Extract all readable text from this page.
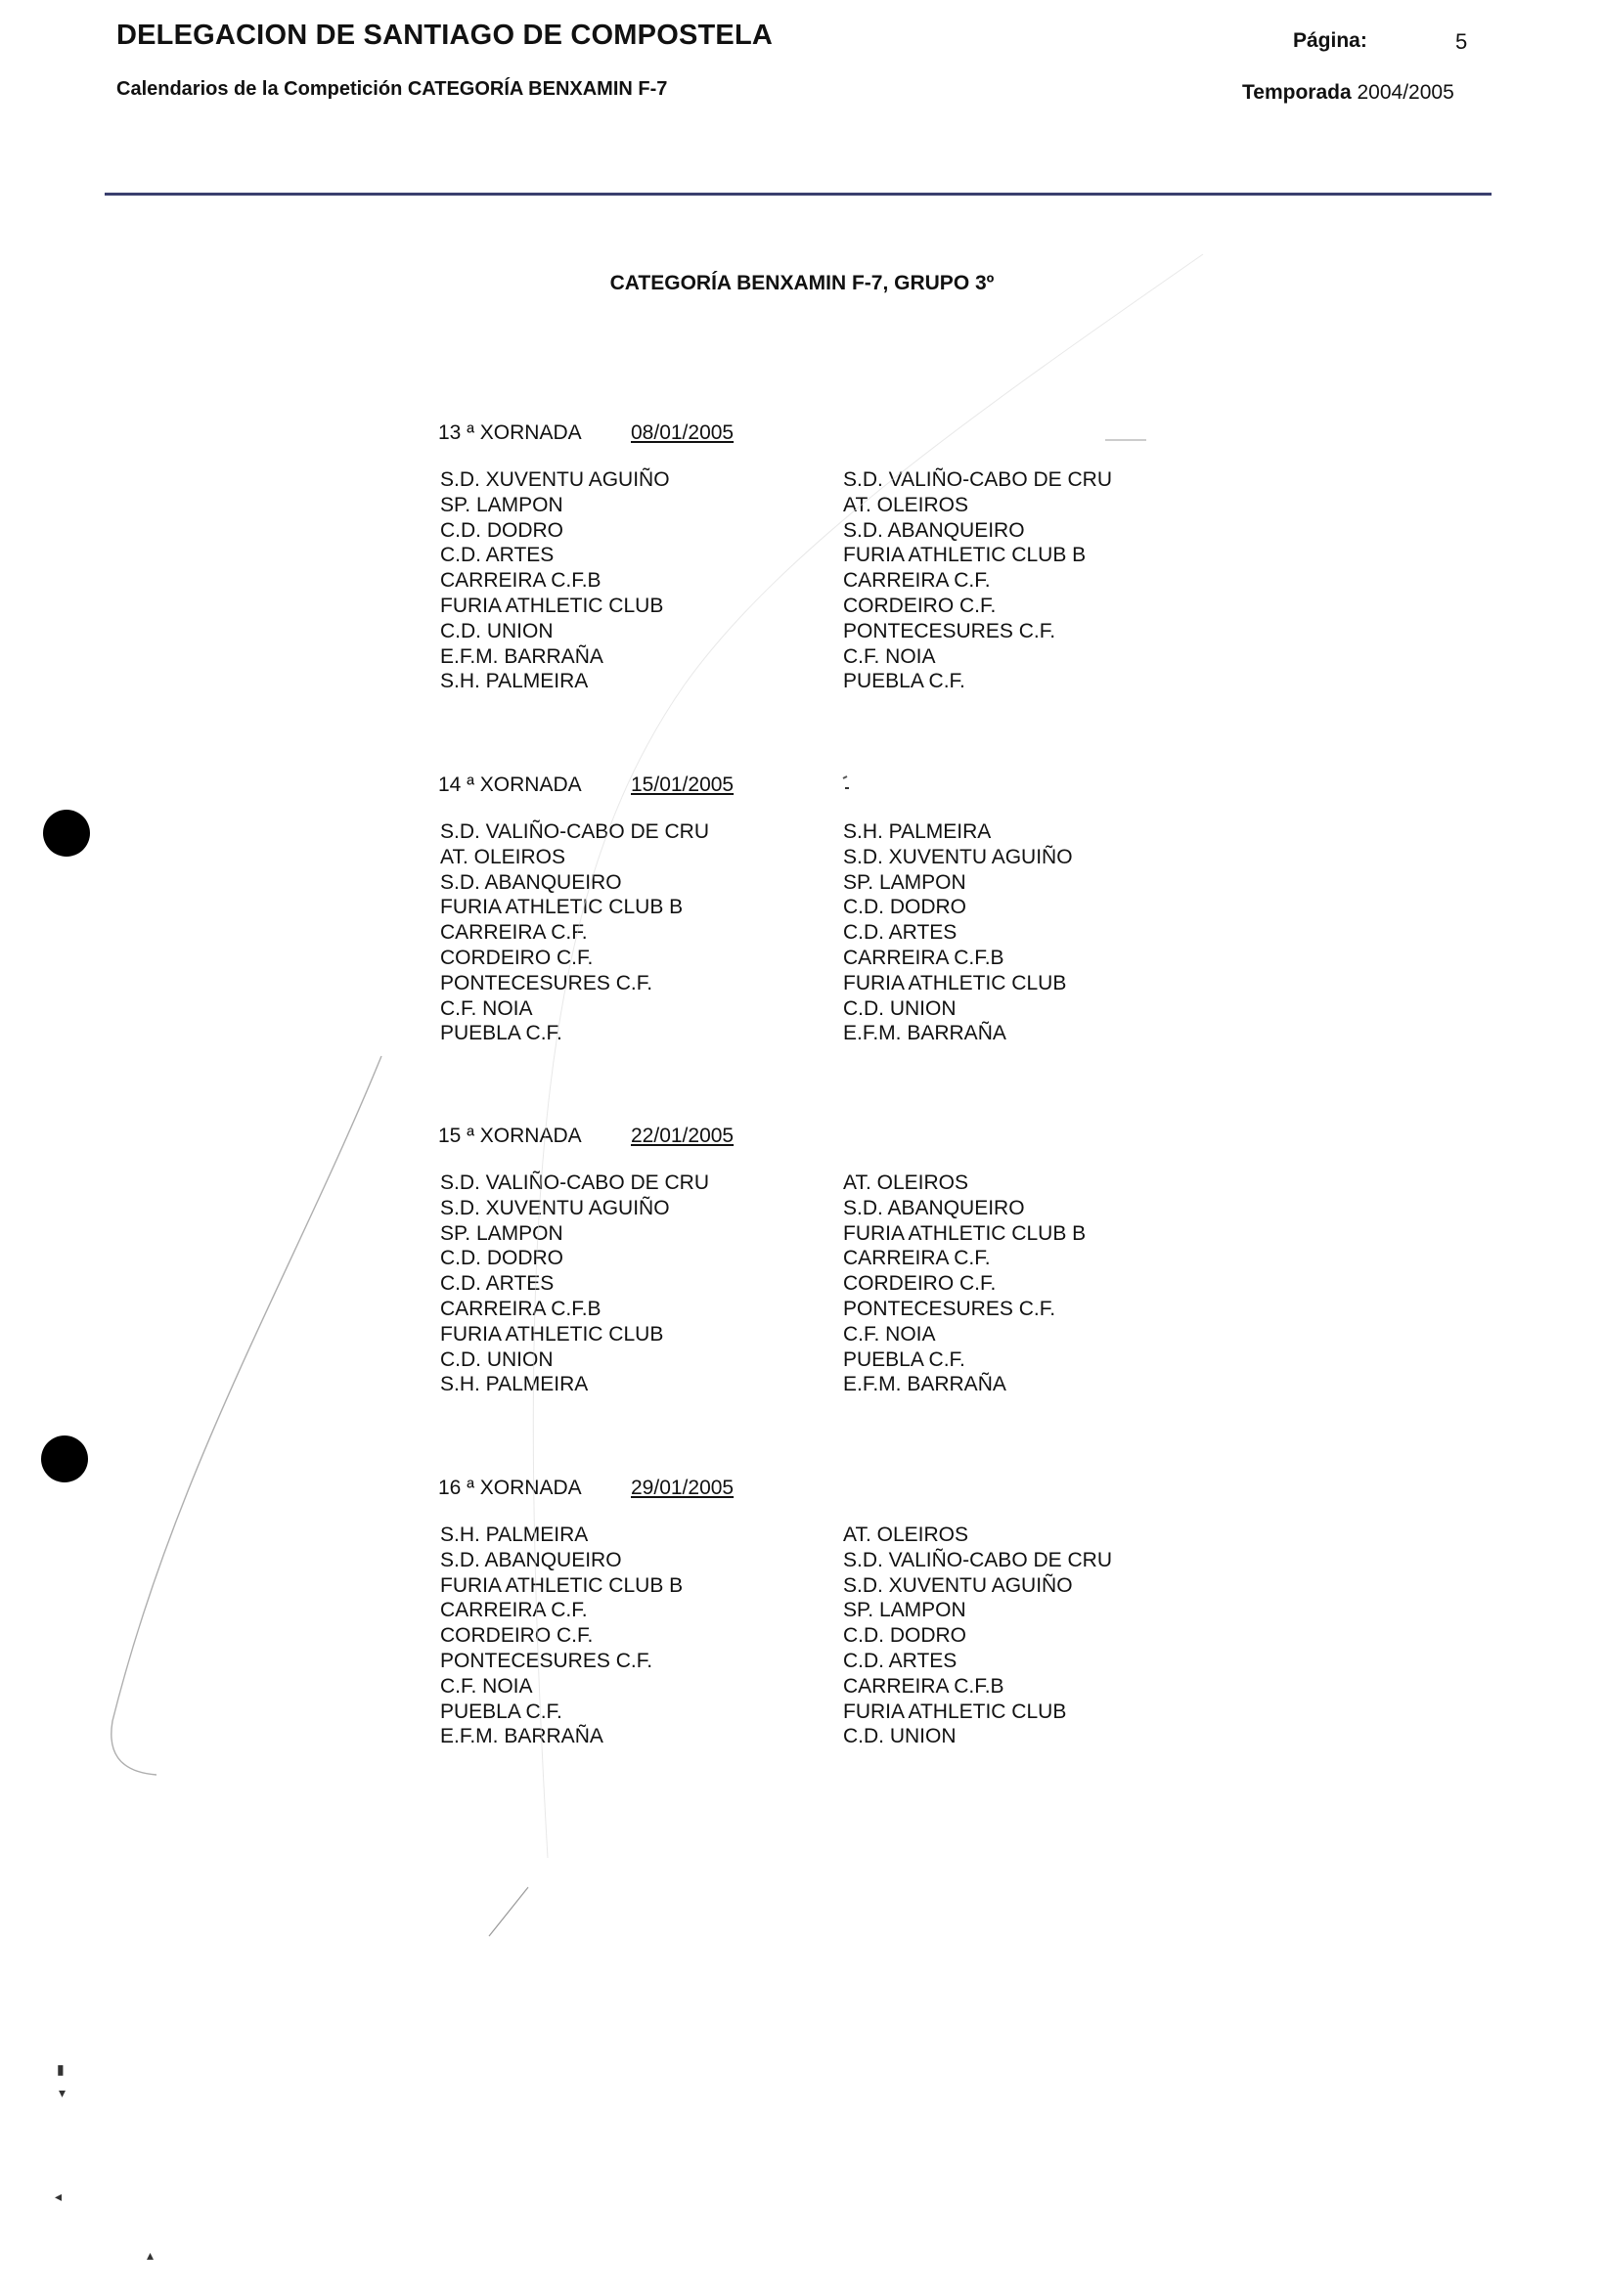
DELEGACION DE SANTIAGO DE COMPOSTELA
Calendarios de la Competición CATEGORÍA BENXAMIN F-7
Página:	5
Temporada 2004/2005
CATEGORÍA BENXAMIN F-7, GRUPO 3º
13 ª XORNADA 08/01/2005
S.D. XUVENTU AGUIÑO
SP. LAMPON
C.D. DODRO
C.D. ARTES
CARREIRA C.F.B
FURIA ATHLETIC CLUB
C.D. UNION
E.F.M. BARRAÑA
S.H. PALMEIRA
S.D. VALIÑO-CABO DE CRU
AT. OLEIROS
S.D. ABANQUEIRO
FURIA ATHLETIC CLUB B
CARREIRA C.F.
CORDEIRO C.F.
PONTECESURES C.F.
C.F. NOIA
PUEBLA C.F.
14 ª XORNADA 15/01/2005
S.D. VALIÑO-CABO DE CRU
AT. OLEIROS
S.D. ABANQUEIRO
FURIA ATHLETIC CLUB B
CARREIRA C.F.
CORDEIRO C.F.
PONTECESURES C.F.
C.F. NOIA
PUEBLA C.F.
S.H. PALMEIRA
S.D. XUVENTU AGUIÑO
SP. LAMPON
C.D. DODRO
C.D. ARTES
CARREIRA C.F.B
FURIA ATHLETIC CLUB
C.D. UNION
E.F.M. BARRAÑA
15 ª XORNADA 22/01/2005
S.D. VALIÑO-CABO DE CRU
S.D. XUVENTU AGUIÑO
SP. LAMPON
C.D. DODRO
C.D. ARTES
CARREIRA C.F.B
FURIA ATHLETIC CLUB
C.D. UNION
S.H. PALMEIRA
AT. OLEIROS
S.D. ABANQUEIRO
FURIA ATHLETIC CLUB B
CARREIRA C.F.
CORDEIRO C.F.
PONTECESURES C.F.
C.F. NOIA
PUEBLA C.F.
E.F.M. BARRAÑA
16 ª XORNADA 29/01/2005
S.H. PALMEIRA
S.D. ABANQUEIRO
FURIA ATHLETIC CLUB B
CARREIRA C.F.
CORDEIRO C.F.
PONTECESURES C.F.
C.F. NOIA
PUEBLA C.F.
E.F.M. BARRAÑA
AT. OLEIROS
S.D. VALIÑO-CABO DE CRU
S.D. XUVENTU AGUIÑO
SP. LAMPON
C.D. DODRO
C.D. ARTES
CARREIRA C.F.B
FURIA ATHLETIC CLUB
C.D. UNION
▮
▾
◂
▴
